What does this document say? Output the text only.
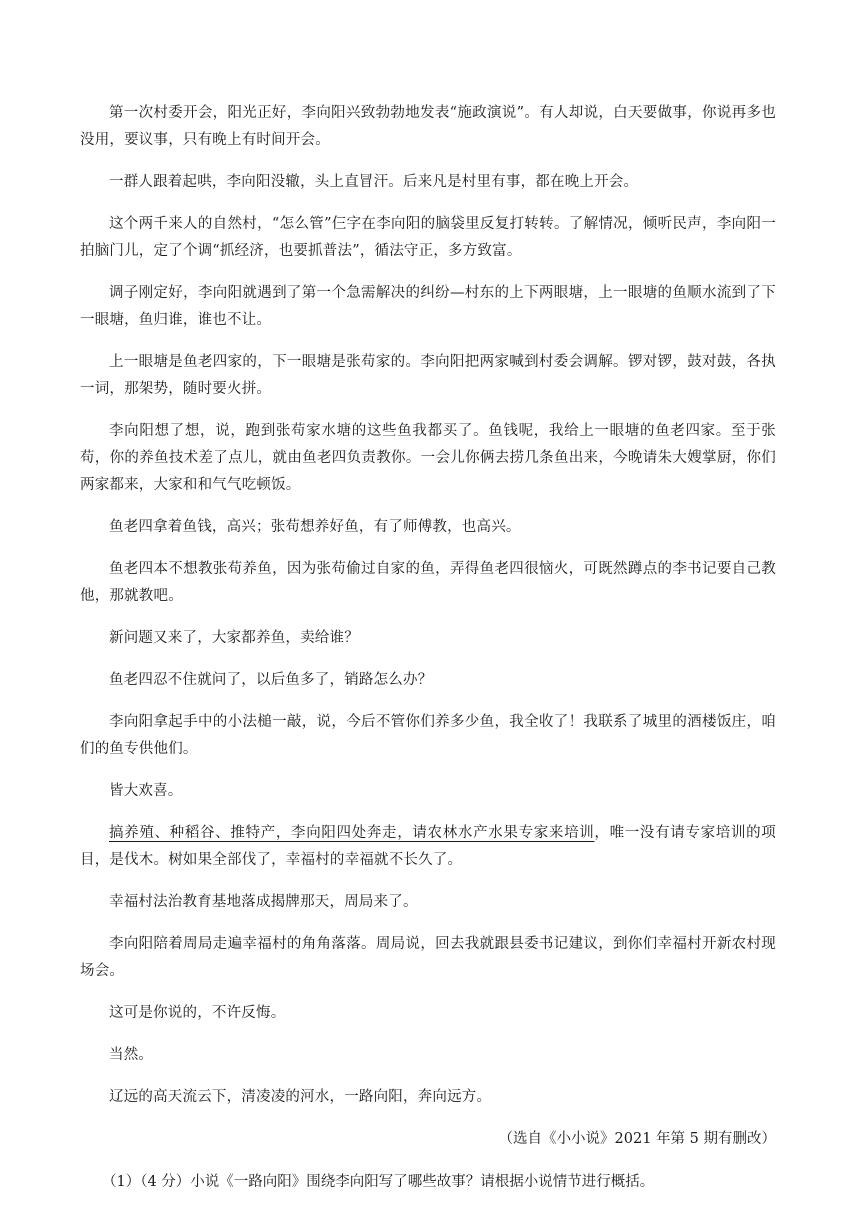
第一次村委开会，阳光正好，李向阳兴致勃勃地发表“施政演说”。有人却说，白天要做事，你说再多也没用，要议事，只有晚上有时间开会。

一群人跟着起哄，李向阳没辙，头上直冒汗。后来凡是村里有事，都在晚上开会。

这个两千来人的自然村，“怎么管”仨字在李向阳的脑袋里反复打转转。了解情况，倾听民声，李向阳一拍脑门儿，定了个调“抓经济，也要抓普法”，循法守正，多方致富。

调子刚定好，李向阳就遇到了第一个急需解决的纠纷—村东的上下两眼塘，上一眼塘的鱼顺水流到了下一眼塘，鱼归谁，谁也不让。

上一眼塘是鱼老四家的，下一眼塘是张苟家的。李向阳把两家喊到村委会调解。锣对锣，鼓对鼓，各执一词，那架势，随时要火拼。

李向阳想了想，说，跑到张苟家水塘的这些鱼我都买了。鱼钱呢，我给上一眼塘的鱼老四家。至于张苟，你的养鱼技术差了点儿，就由鱼老四负责教你。一会儿你俩去捞几条鱼出来，今晚请朱大嫂掌厨，你们两家都来，大家和和气气吃顿饭。

鱼老四拿着鱼钱，高兴；张苟想养好鱼，有了师傅教，也高兴。

鱼老四本不想教张苟养鱼，因为张苟偷过自家的鱼，弄得鱼老四很恼火，可既然蹲点的李书记要自己教他，那就教吧。

新问题又来了，大家都养鱼，卖给谁？

鱼老四忍不住就问了，以后鱼多了，销路怎么办？

李向阳拿起手中的小法槌一敲，说，今后不管你们养多少鱼，我全收了！我联系了城里的酒楼饭庄，咱们的鱼专供他们。

皆大欢喜。

搞养殖、种稻谷、推特产，李向阳四处奔走，请农林水产水果专家来培训，唯一没有请专家培训的项目，是伐木。树如果全部伐了，幸福村的幸福就不长久了。

幸福村法治教育基地落成揭牌那天，周局来了。

李向阳陪着周局走遍幸福村的角角落落。周局说，回去我就跟县委书记建议，到你们幸福村开新农村现场会。

这可是你说的，不许反悔。

当然。

辽远的高天流云下，清凌凌的河水，一路向阳，奔向远方。

（选自《小小说》2021 年第 5 期有删改）

（1）（4 分）小说《一路向阳》围绕李向阳写了哪些故事？请根据小说情节进行概括。
